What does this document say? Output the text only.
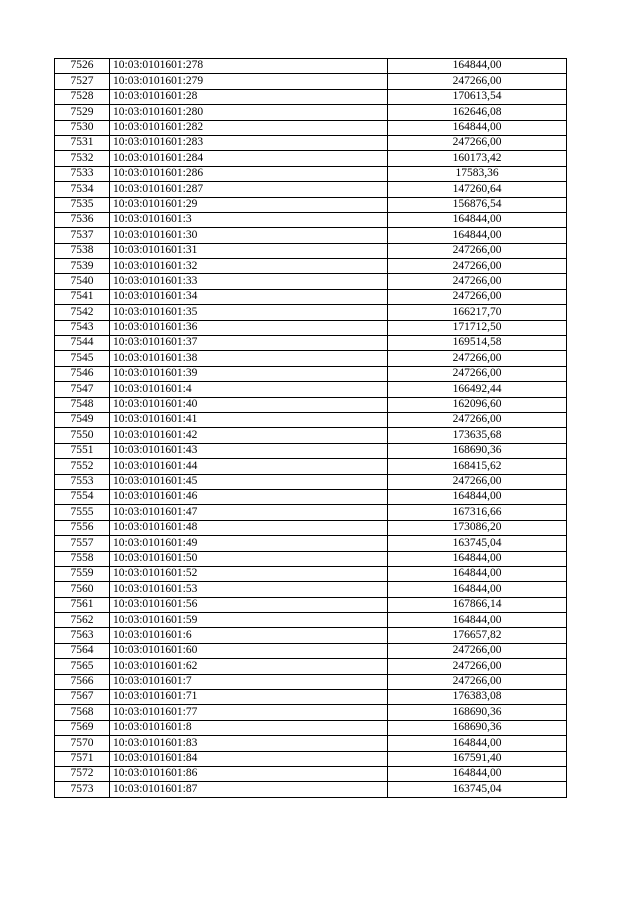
7526	10:03:0101601:278	164844,00
7527	10:03:0101601:279	247266,00
7528	10:03:0101601:28	170613,54
7529	10:03:0101601:280	162646,08
7530	10:03:0101601:282	164844,00
7531	10:03:0101601:283	247266,00
7532	10:03:0101601:284	160173,42
7533	10:03:0101601:286	17583,36
7534	10:03:0101601:287	147260,64
7535	10:03:0101601:29	156876,54
7536	10:03:0101601:3	164844,00
7537	10:03:0101601:30	164844,00
7538	10:03:0101601:31	247266,00
7539	10:03:0101601:32	247266,00
7540	10:03:0101601:33	247266,00
7541	10:03:0101601:34	247266,00
7542	10:03:0101601:35	166217,70
7543	10:03:0101601:36	171712,50
7544	10:03:0101601:37	169514,58
7545	10:03:0101601:38	247266,00
7546	10:03:0101601:39	247266,00
7547	10:03:0101601:4	166492,44
7548	10:03:0101601:40	162096,60
7549	10:03:0101601:41	247266,00
7550	10:03:0101601:42	173635,68
7551	10:03:0101601:43	168690,36
7552	10:03:0101601:44	168415,62
7553	10:03:0101601:45	247266,00
7554	10:03:0101601:46	164844,00
7555	10:03:0101601:47	167316,66
7556	10:03:0101601:48	173086,20
7557	10:03:0101601:49	163745,04
7558	10:03:0101601:50	164844,00
7559	10:03:0101601:52	164844,00
7560	10:03:0101601:53	164844,00
7561	10:03:0101601:56	167866,14
7562	10:03:0101601:59	164844,00
7563	10:03:0101601:6	176657,82
7564	10:03:0101601:60	247266,00
7565	10:03:0101601:62	247266,00
7566	10:03:0101601:7	247266,00
7567	10:03:0101601:71	176383,08
7568	10:03:0101601:77	168690,36
7569	10:03:0101601:8	168690,36
7570	10:03:0101601:83	164844,00
7571	10:03:0101601:84	167591,40
7572	10:03:0101601:86	164844,00
7573	10:03:0101601:87	163745,04
